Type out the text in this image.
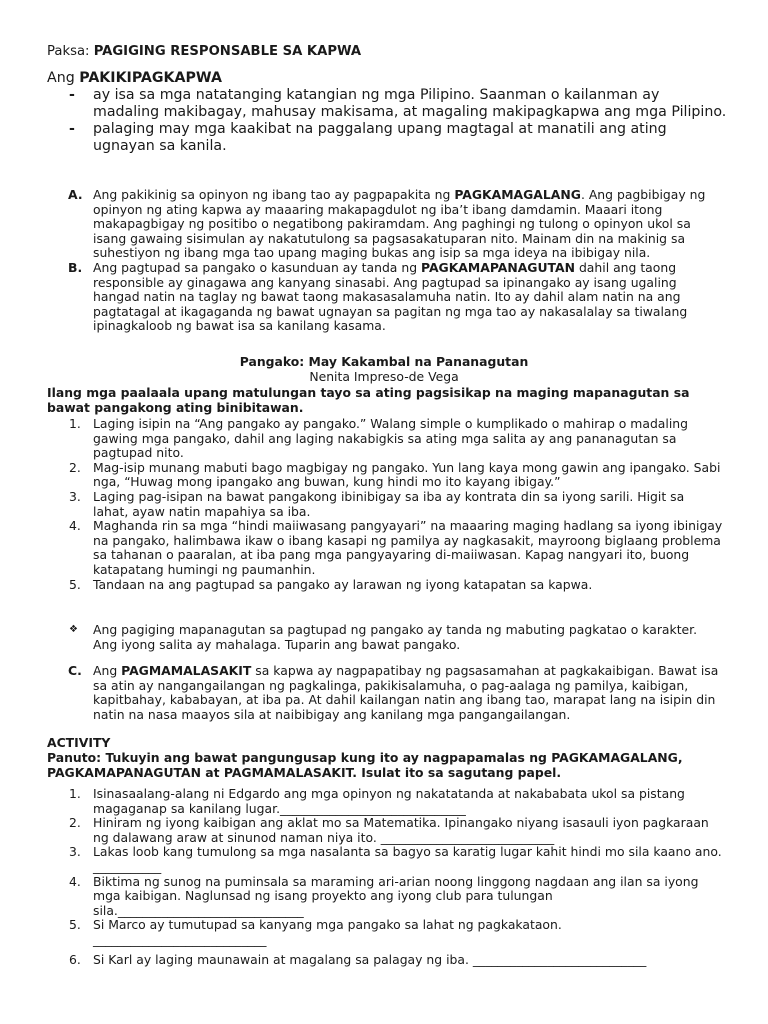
Paksa: PAGIGING RESPONSABLE SA KAPWA
Ang PAKIKIPAGKAPWA
-	ay isa sa mga natatanging katangian ng mga Pilipino. Saanman o kailanman ay madaling makibagay, mahusay makisama, at magaling makipagkapwa ang mga Pilipino.
-	palaging may mga kaakibat na paggalang upang magtagal at manatili ang ating ugnayan sa kanila.
A. Ang pakikinig sa opinyon ng ibang tao ay pagpapakita ng PAGKAMAGALANG. Ang pagbibigay ng opinyon ng ating kapwa ay maaaring makapagdulot ng iba’t ibang damdamin. Maaari itong makapagbigay ng positibo o negatibong pakiramdam. Ang paghingi ng tulong o opinyon ukol sa isang gawaing sisimulan ay nakatutulong sa pagsasakatuparan nito. Mainam din na makinig sa suhestiyon ng ibang mga tao upang maging bukas ang isip sa mga ideya na ibibigay nila.
B. Ang pagtupad sa pangako o kasunduan ay tanda ng PAGKAMAPANAGUTAN dahil ang taong responsible ay ginagawa ang kanyang sinasabi. Ang pagtupad sa ipinangako ay isang ugaling hangad natin na taglay ng bawat taong makasasalamuha natin. Ito ay dahil alam natin na ang pagtatagal at ikagaganda ng bawat ugnayan sa pagitan ng mga tao ay nakasalalay sa tiwalang ipinagkaloob ng bawat isa sa kanilang kasama.
Pangako: May Kakambal na Pananagutan
Nenita Impreso-de Vega
Ilang mga paalaala upang matulungan tayo sa ating pagsisikap na maging mapanagutan sa bawat pangakong ating binibitawan.
1. Laging isipin na “Ang pangako ay pangako.” Walang simple o kumplikado o mahirap o madaling gawing mga pangako, dahil ang laging nakabigkis sa ating mga salita ay ang pananagutan sa pagtupad nito.
2. Mag-isip munang mabuti bago magbigay ng pangako. Yun lang kaya mong gawin ang ipangako. Sabi nga, “Huwag mong ipangako ang buwan, kung hindi mo ito kayang ibigay.”
3. Laging pag-isipan na bawat pangakong ibinibigay sa iba ay kontrata din sa iyong sarili. Higit sa lahat, ayaw natin mapahiya sa iba.
4. Maghanda rin sa mga “hindi maiiwasang pangyayari” na maaaring maging hadlang sa iyong ibinigay na pangako, halimbawa ikaw o ibang kasapi ng pamilya ay nagkasakit, mayroong biglaang problema sa tahanan o paaralan, at iba pang mga pangyayaring di-maiiwasan. Kapag nangyari ito, buong katapatang humingi ng paumanhin.
5. Tandaan na ang pagtupad sa pangako ay larawan ng iyong katapatan sa kapwa.
❖	Ang pagiging mapanagutan sa pagtupad ng pangako ay tanda ng mabuting pagkatao o karakter. Ang iyong salita ay mahalaga. Tuparin ang bawat pangako.
C. Ang PAGMAMALASAKIT sa kapwa ay nagpapatibay ng pagsasamahan at pagkakaibigan. Bawat isa sa atin ay nangangailangan ng pagkalinga, pakikisalamuha, o pag-aalaga ng pamilya, kaibigan, kapitbahay, kababayan, at iba pa. At dahil kailangan natin ang ibang tao, marapat lang na isipin din natin na nasa maayos sila at naibibigay ang kanilang mga pangangailangan.
ACTIVITY
Panuto: Tukuyin ang bawat pangungusap kung ito ay nagpapamalas ng PAGKAMAGALANG, PAGKAMAPANAGUTAN at PAGMAMALASAKIT. Isulat ito sa sagutang papel.
1. Isinasaalang-alang ni Edgardo ang mga opinyon ng nakatatanda at nakababata ukol sa pistang magaganap sa kanilang lugar.______________________________
2. Hiniram ng iyong kaibigan ang aklat mo sa Matematika. Ipinangako niyang isasauli iyon pagkaraan ng dalawang araw at sinunod naman niya ito. ____________________________
3. Lakas loob kang tumulong sa mga nasalanta sa bagyo sa karatig lugar kahit hindi mo sila kaano ano. ___________
4. Biktima ng sunog na puminsala sa maraming ari-arian noong linggong nagdaan ang ilan sa iyong mga kaibigan. Naglunsad ng isang proyekto ang iyong club para tulungan sila.______________________________
5. Si Marco ay tumutupad sa kanyang mga pangako sa lahat ng pagkakataon. ____________________________
6. Si Karl ay laging maunawain at magalang sa palagay ng iba. ____________________________
